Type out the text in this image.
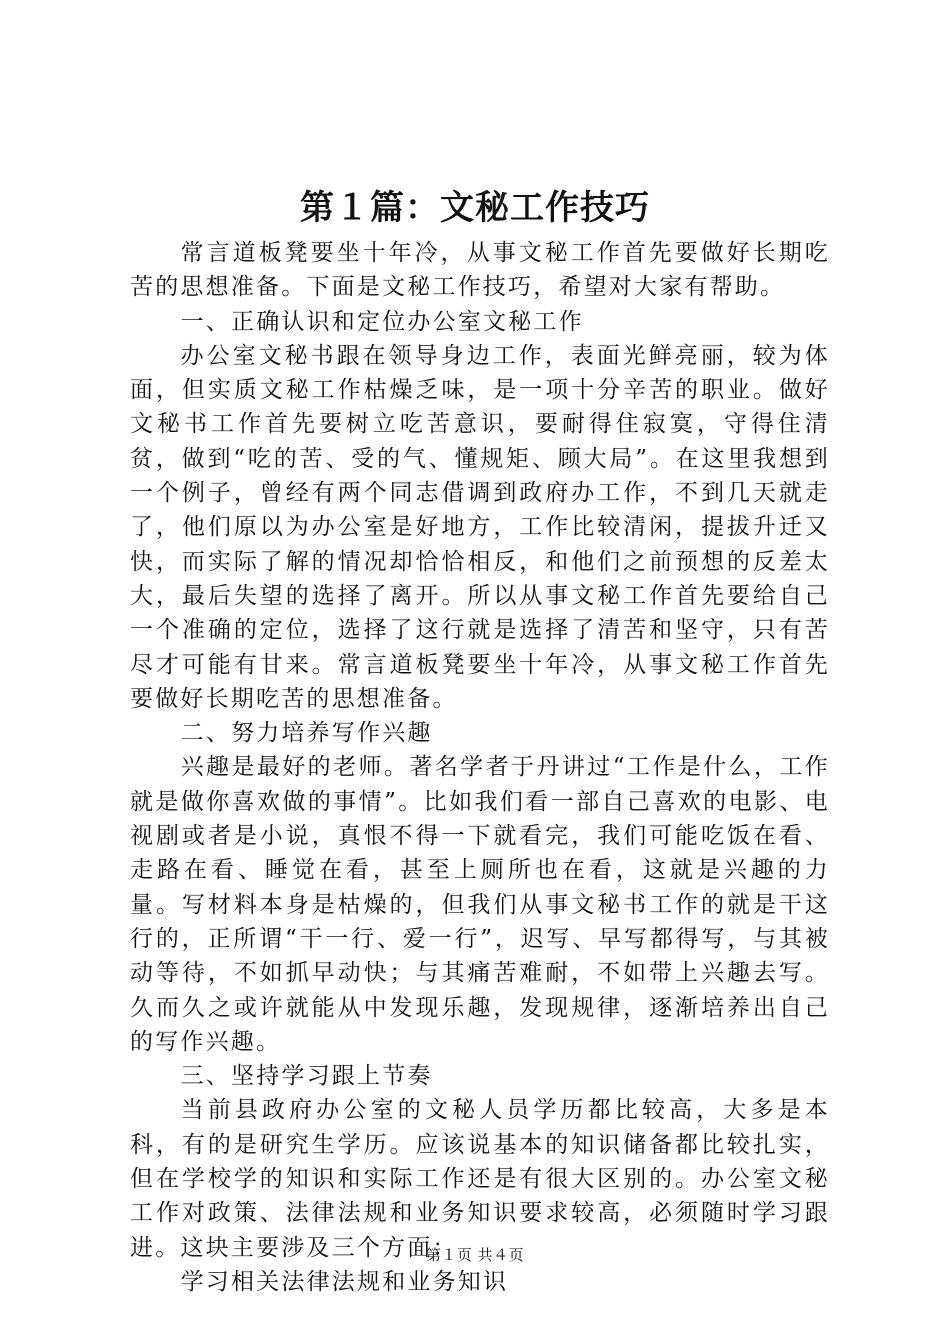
第１篇：文秘工作技巧

常言道板凳要坐十年冷，从事文秘工作首先要做好长期吃苦的思想准备。下面是文秘工作技巧，希望对大家有帮助。

一、正确认识和定位办公室文秘工作

办公室文秘书跟在领导身边工作，表面光鲜亮丽，较为体面，但实质文秘工作枯燥乏味，是一项十分辛苦的职业。做好文秘书工作首先要树立吃苦意识，要耐得住寂寞，守得住清贫，做到“吃的苦、受的气、懂规矩、顾大局”。在这里我想到一个例子，曾经有两个同志借调到政府办工作，不到几天就走了，他们原以为办公室是好地方，工作比较清闲，提拔升迁又快，而实际了解的情况却恰恰相反，和他们之前预想的反差太大，最后失望的选择了离开。所以从事文秘工作首先要给自己一个准确的定位，选择了这行就是选择了清苦和坚守，只有苦尽才可能有甘来。常言道板凳要坐十年冷，从事文秘工作首先要做好长期吃苦的思想准备。

二、努力培养写作兴趣

兴趣是最好的老师。著名学者于丹讲过“工作是什么，工作就是做你喜欢做的事情”。比如我们看一部自己喜欢的电影、电视剧或者是小说，真恨不得一下就看完，我们可能吃饭在看、走路在看、睡觉在看，甚至上厕所也在看，这就是兴趣的力量。写材料本身是枯燥的，但我们从事文秘书工作的就是干这行的，正所谓“干一行、爱一行”，迟写、早写都得写，与其被动等待，不如抓早动快；与其痛苦难耐，不如带上兴趣去写。久而久之或许就能从中发现乐趣，发现规律，逐渐培养出自己的写作兴趣。

三、坚持学习跟上节奏

当前县政府办公室的文秘人员学历都比较高，大多是本科，有的是研究生学历。应该说基本的知识储备都比较扎实，但在学校学的知识和实际工作还是有很大区别的。办公室文秘工作对政策、法律法规和业务知识要求较高，必须随时学习跟进。这块主要涉及三个方面：

学习相关法律法规和业务知识

第１页 共４页
